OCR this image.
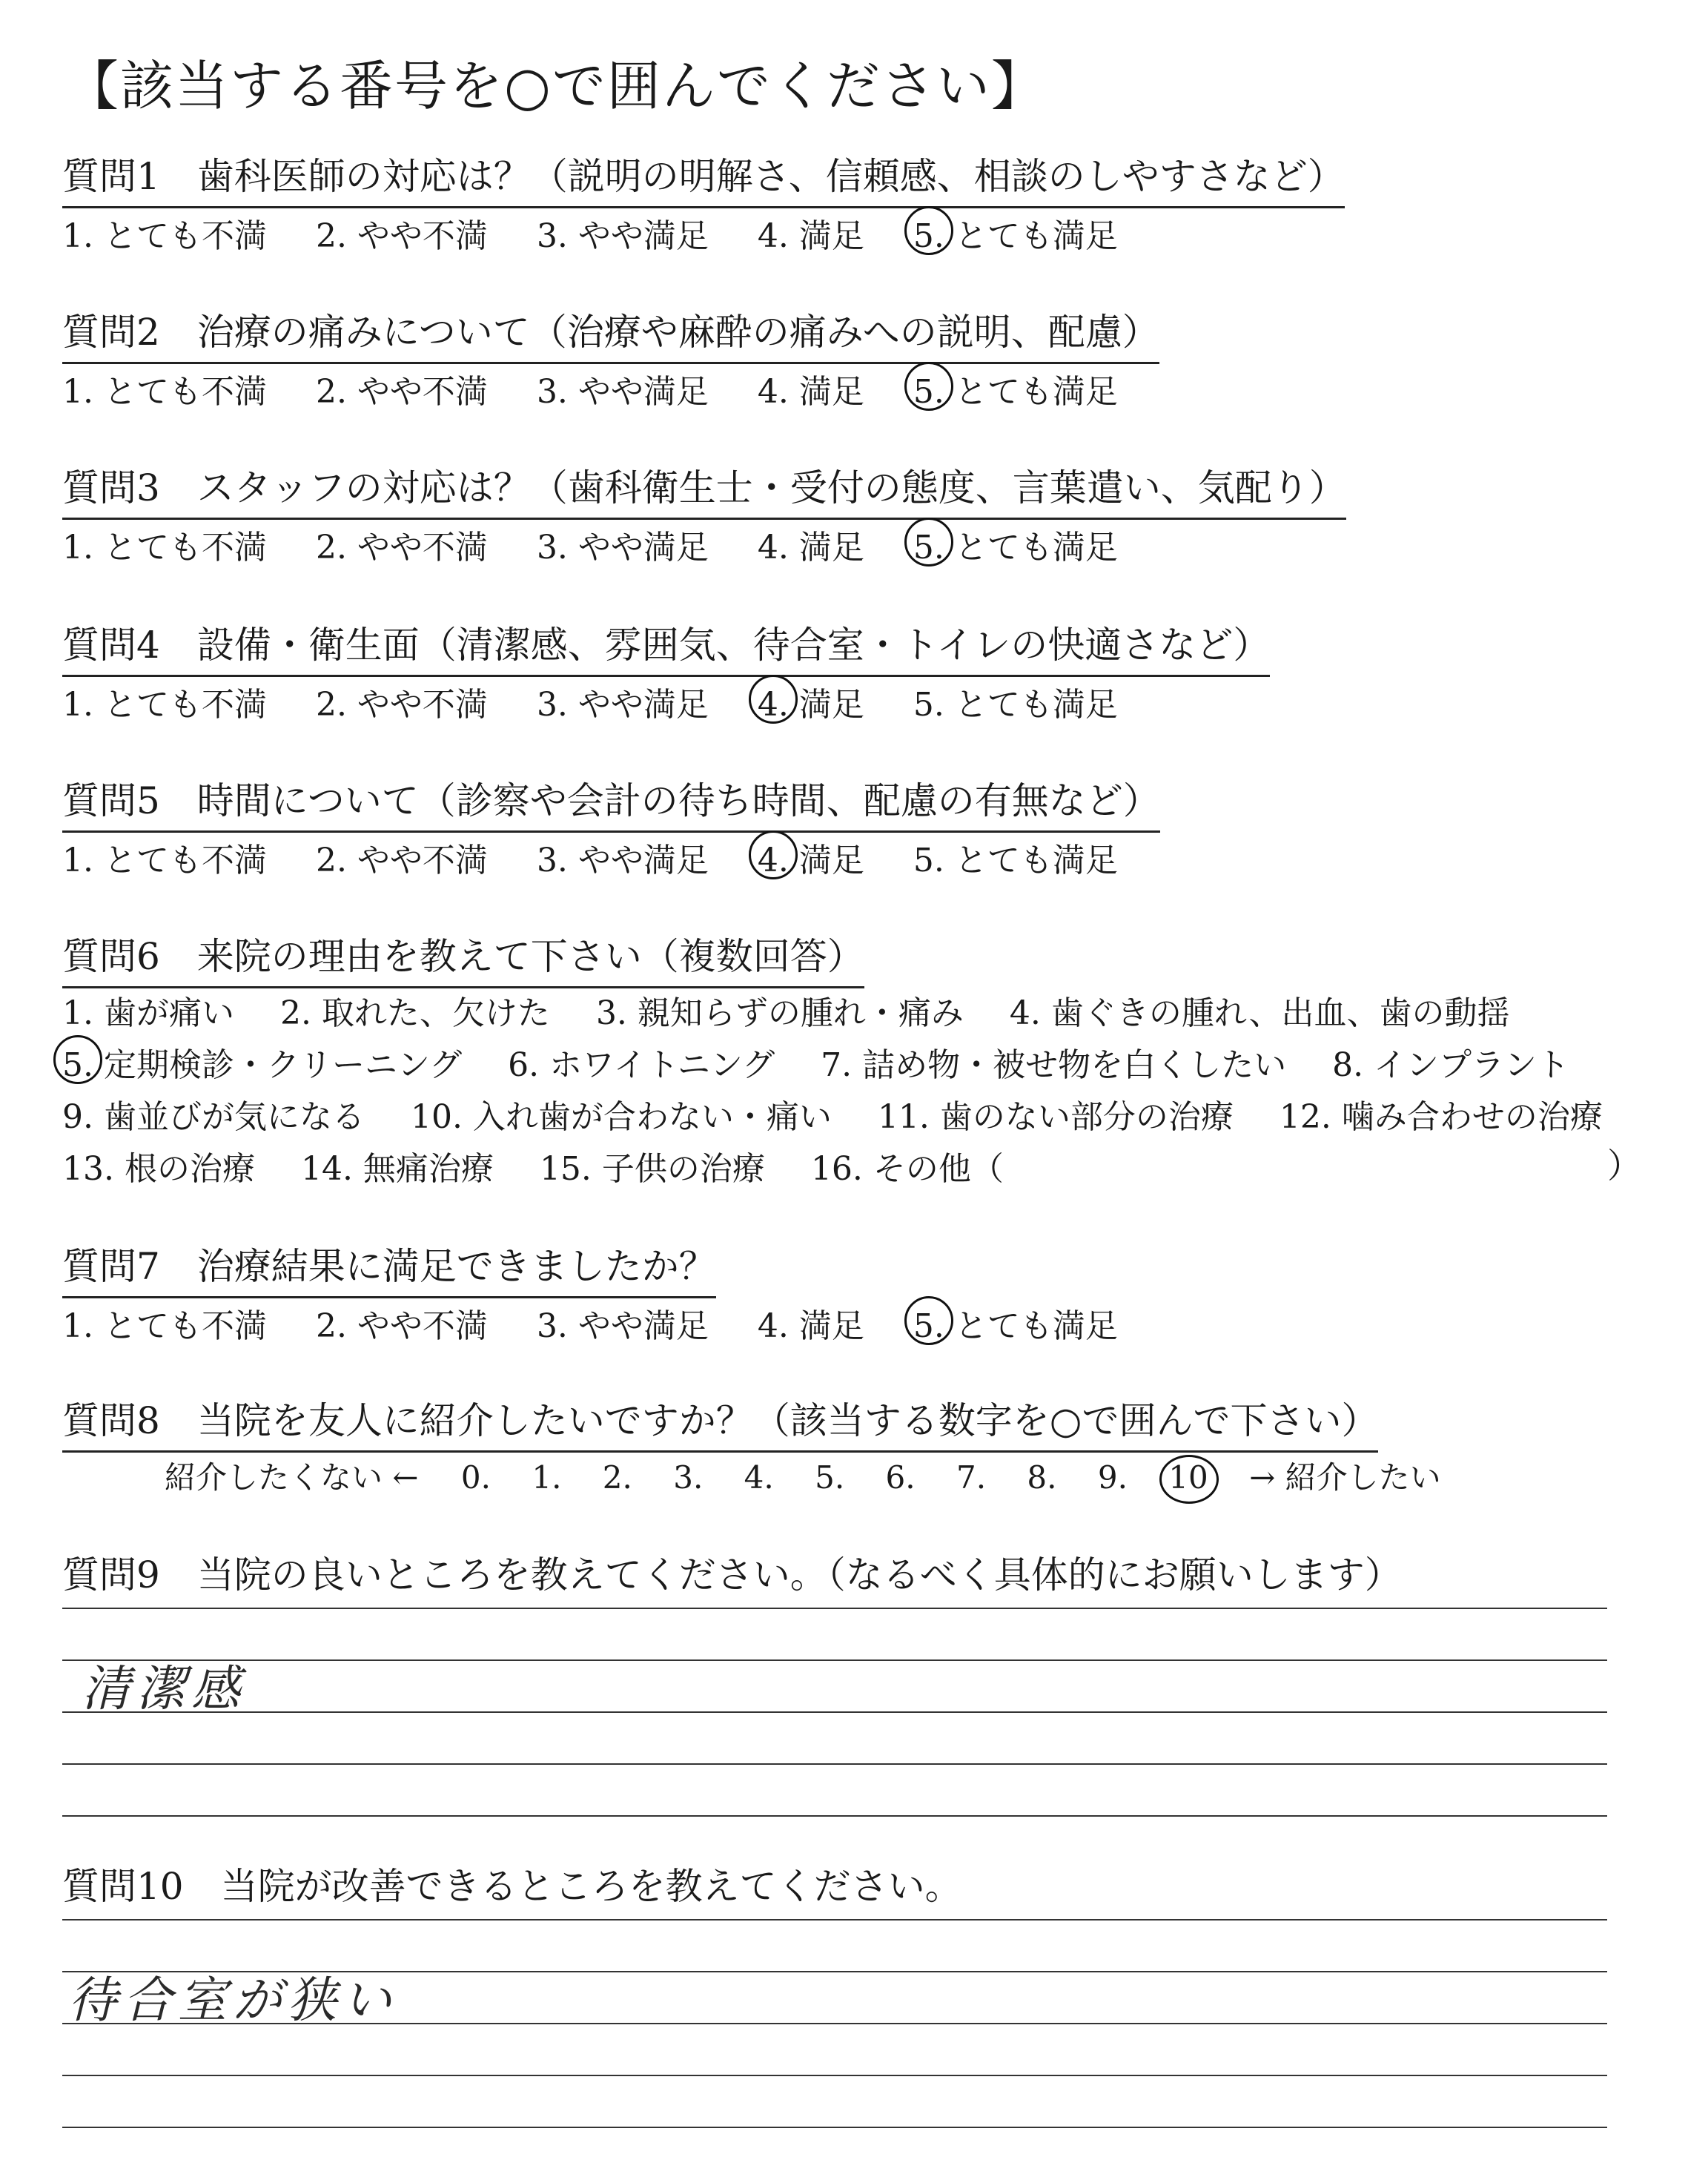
【該当する番号を○で囲んでください】
質問1　歯科医師の対応は？（説明の明解さ、信頼感、相談のしやすさなど）
1. とても不満 2. やや不満 3. やや満足 4. 満足 5. とても満足
質問2　治療の痛みについて（治療や麻酔の痛みへの説明、配慮）
1. とても不満 2. やや不満 3. やや満足 4. 満足 5. とても満足
質問3　スタッフの対応は？（歯科衛生士・受付の態度、言葉遣い、気配り）
1. とても不満 2. やや不満 3. やや満足 4. 満足 5. とても満足
質問4　設備・衛生面（清潔感、雰囲気、待合室・トイレの快適さなど）
1. とても不満 2. やや不満 3. やや満足 4. 満足 5. とても満足
質問5　時間について（診察や会計の待ち時間、配慮の有無など）
1. とても不満 2. やや不満 3. やや満足 4. 満足 5. とても満足
質問6　来院の理由を教えて下さい（複数回答）
1. 歯が痛い 2. 取れた、欠けた 3. 親知らずの腫れ・痛み 4. 歯ぐきの腫れ、出血、歯の動揺
5. 定期検診・クリーニング 6. ホワイトニング 7. 詰め物・被せ物を白くしたい 8. インプラント
9. 歯並びが気になる 10. 入れ歯が合わない・痛い 11. 歯のない部分の治療 12. 噛み合わせの治療
13. 根の治療 14. 無痛治療 15. 子供の治療 16. その他（	）
質問7　治療結果に満足できましたか？
1. とても不満 2. やや不満 3. やや満足 4. 満足 5. とても満足
質問8　当院を友人に紹介したいですか？（該当する数字を○で囲んで下さい）
紹介したくない ← 0. 1. 2. 3. 4. 5. 6. 7. 8. 9. 10 → 紹介したい
質問9　当院の良いところを教えてください。（なるべく具体的にお願いします）
清潔感
質問10　当院が改善できるところを教えてください。
待合室が狭い
